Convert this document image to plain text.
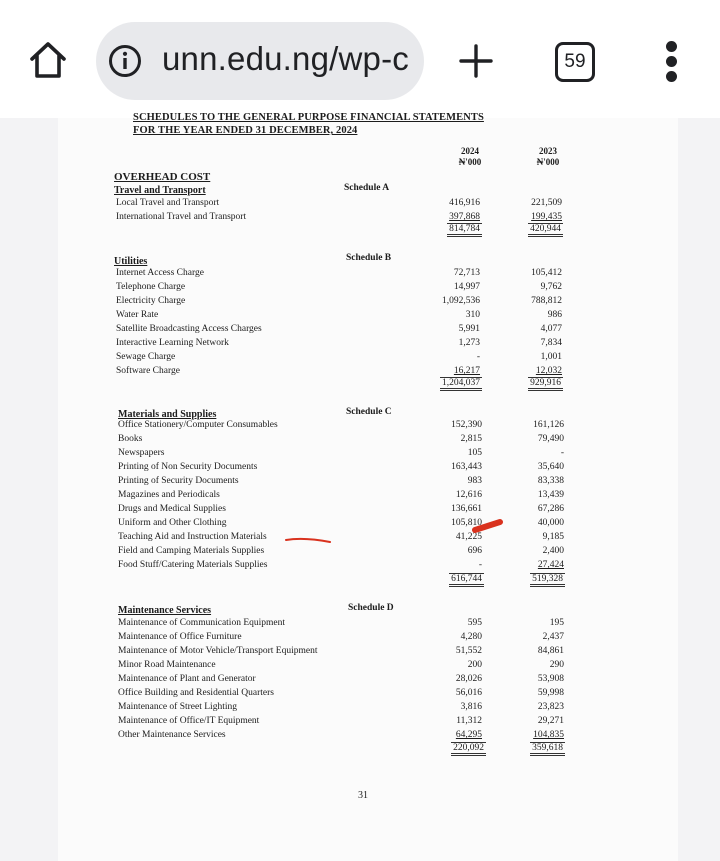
unn.edu.ng/wp-c	59
SCHEDULES TO THE GENERAL PURPOSE FINANCIAL STATEMENTS
FOR THE YEAR ENDED 31 DECEMBER, 2024
2024
₦'000
2023
₦'000
OVERHEAD COST
Travel and Transport	Schedule A
Local Travel and Transport	416,916	221,509
International Travel and Transport	397,868	199,435
814,784	420,944
Utilities	Schedule B
Internet Access Charge	72,713	105,412
Telephone Charge	14,997	9,762
Electricity Charge	1,092,536	788,812
Water Rate	310	986
Satellite Broadcasting Access Charges	5,991	4,077
Interactive Learning Network	1,273	7,834
Sewage Charge	-	1,001
Software Charge	16,217	12,032
1,204,037	929,916
Materials and Supplies	Schedule C
Office Stationery/Computer Consumables	152,390	161,126
Books	2,815	79,490
Newspapers	105	-
Printing of Non Security Documents	163,443	35,640
Printing of Security Documents	983	83,338
Magazines and Periodicals	12,616	13,439
Drugs and Medical Supplies	136,661	67,286
Uniform and Other Clothing	105,810	40,000
Teaching Aid and Instruction Materials	41,225	9,185
Field and Camping Materials Supplies	696	2,400
Food Stuff/Catering Materials Supplies	-	27,424
616,744	519,328
Maintenance Services	Schedule D
Maintenance of Communication Equipment	595	195
Maintenance of Office Furniture	4,280	2,437
Maintenance of Motor Vehicle/Transport Equipment	51,552	84,861
Minor Road Maintenance	200	290
Maintenance of Plant and Generator	28,026	53,908
Office Building and Residential Quarters	56,016	59,998
Maintenance of Street Lighting	3,816	23,823
Maintenance of Office/IT Equipment	11,312	29,271
Other Maintenance Services	64,295	104,835
220,092	359,618
31
